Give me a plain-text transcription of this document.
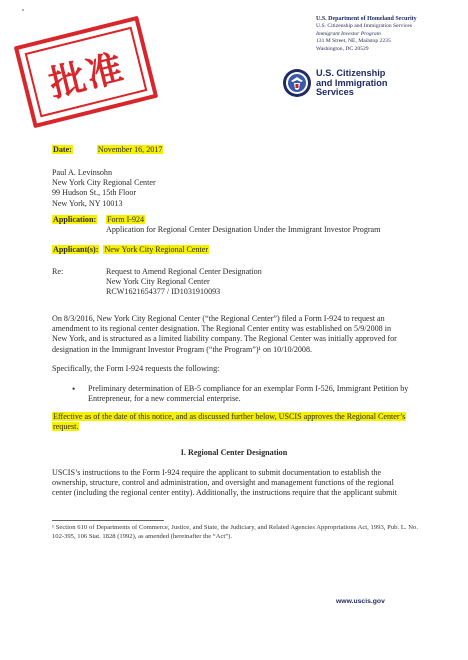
批准
U.S. Department of Homeland Security
U.S. Citizenship and Immigration Services
Immigrant Investor Program
131 M Street, NE, Mailstop 2235
Washington, DC 20529
U.S. Citizenship
and Immigration
Services
Date:	November 16, 2017
Paul A. Levinsohn
New York City Regional Center
99 Hudson St., 15th Floor
New York, NY 10013
Application: Form I-924
Application for Regional Center Designation Under the Immigrant Investor Program
Applicant(s): New York City Regional Center
Re:	Request to Amend Regional Center Designation
New York City Regional Center
RCW1621654377 / ID1031910093
On 8/3/2016, New York City Regional Center (“the Regional Center”) filed a Form I-924 to request an
amendment to its regional center designation. The Regional Center entity was established on 5/9/2008 in
New York, and is structured as a limited liability company. The Regional Center was initially approved for
designation in the Immigrant Investor Program (“the Program”)¹ on 10/10/2008.
Specifically, the Form I-924 requests the following:
• Preliminary determination of EB-5 compliance for an exemplar Form I-526, Immigrant Petition by
Entrepreneur, for a new commercial enterprise.
Effective as of the date of this notice, and as discussed further below, USCIS approves the Regional Center’s
request.
I. Regional Center Designation
USCIS’s instructions to the Form I-924 require the applicant to submit documentation to establish the
ownership, structure, control and administration, and oversight and management functions of the regional
center (including the regional center entity). Additionally, the instructions require that the applicant submit
¹ Section 610 of Departments of Commerce, Justice, and State, the Judiciary, and Related Agencies Appropriations Act, 1993, Pub. L. No. 102-395, 106 Stat. 1828 (1992), as amended (hereinafter the “Act”).
www.uscis.gov
